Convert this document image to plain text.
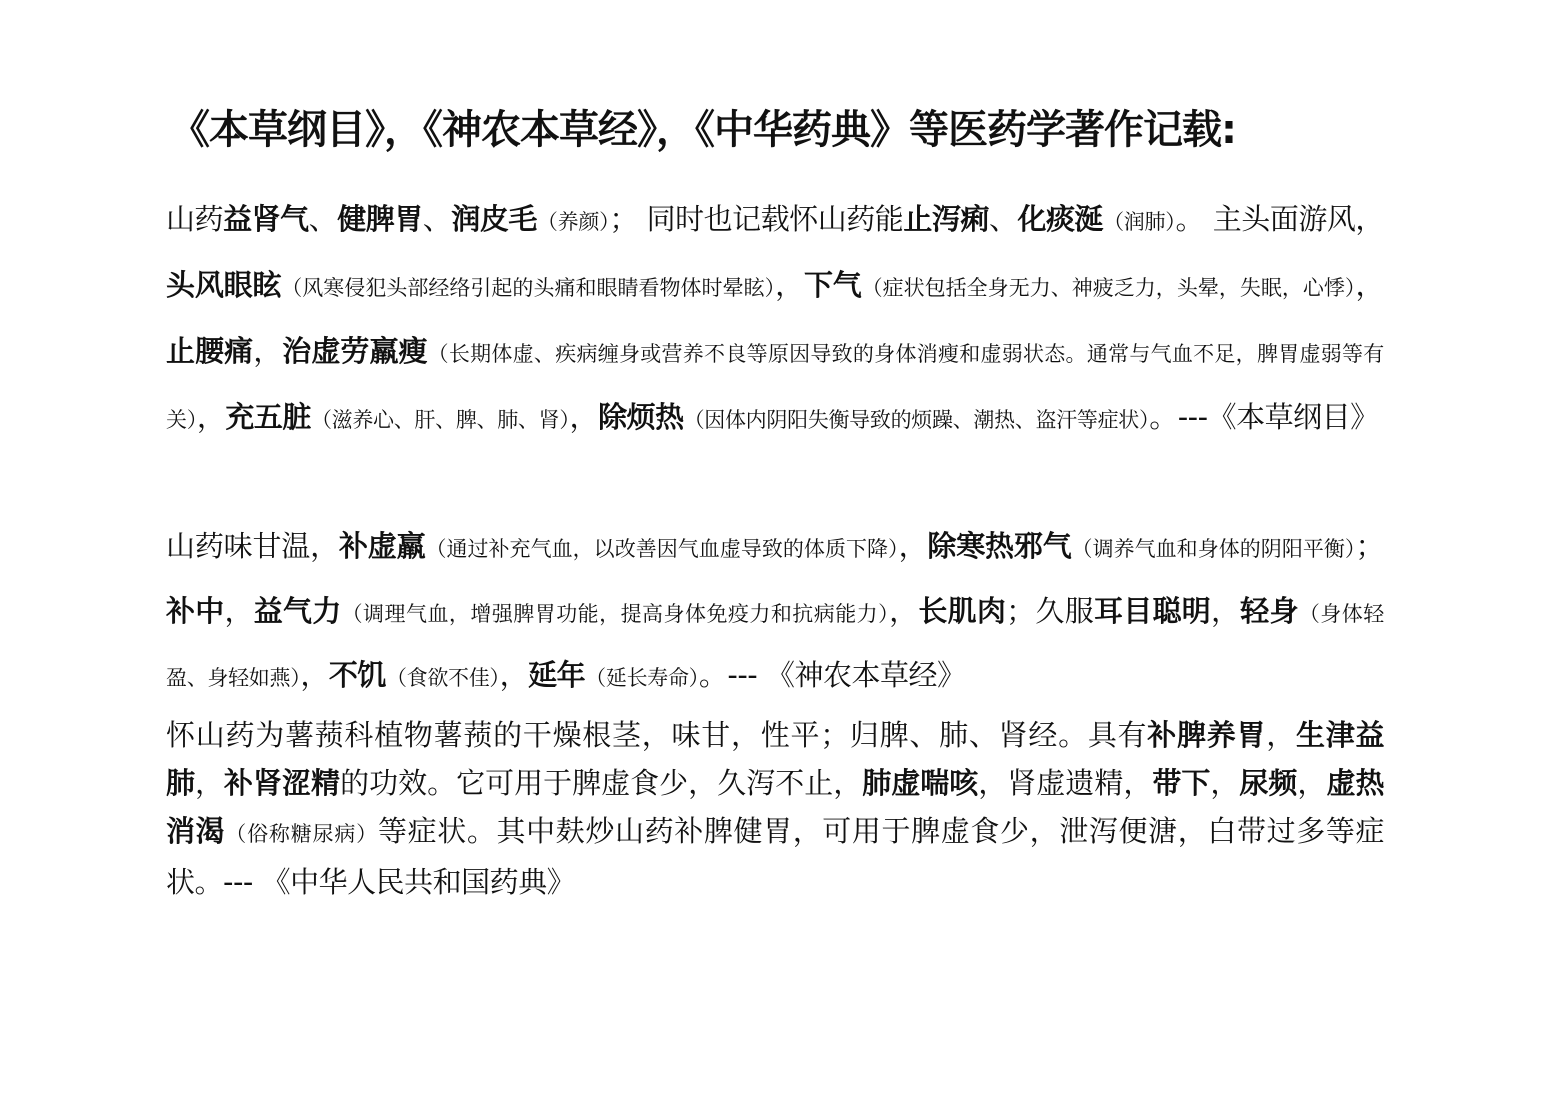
《本草纲目》，《神农本草经》，《中华药典》等医药学著作记载:

山药益肾气、健脾胃、润皮毛（养颜）； 同时也记载怀山药能止泻痢、化痰涎（润肺）。 主头面游风，头风眼眩（风寒侵犯头部经络引起的头痛和眼睛看物体时晕眩），下气（症状包括全身无力、神疲乏力，头晕，失眠，心悸），止腰痛，治虚劳羸瘦（长期体虚、疾病缠身或营养不良等原因导致的身体消瘦和虚弱状态。通常与气血不足，脾胃虚弱等有关），充五脏（滋养心、肝、脾、肺、肾），除烦热（因体内阴阳失衡导致的烦躁、潮热、盗汗等症状）。---《本草纲目》

山药味甘温，补虚羸（通过补充气血，以改善因气血虚导致的体质下降），除寒热邪气（调养气血和身体的阴阳平衡）；补中，益气力（调理气血，增强脾胃功能，提高身体免疫力和抗病能力），长肌肉；久服耳目聪明，轻身（身体轻盈、身轻如燕），不饥（食欲不佳），延年（延长寿命）。--- 《神农本草经》

怀山药为薯蓣科植物薯蓣的干燥根茎，味甘，性平；归脾、肺、肾经。具有补脾养胃，生津益肺，补肾涩精的功效。它可用于脾虚食少，久泻不止，肺虚喘咳，肾虚遗精，带下，尿频，虚热消渴（俗称糖尿病）等症状。其中麸炒山药补脾健胃，可用于脾虚食少，泄泻便溏，白带过多等症状。--- 《中华人民共和国药典》
